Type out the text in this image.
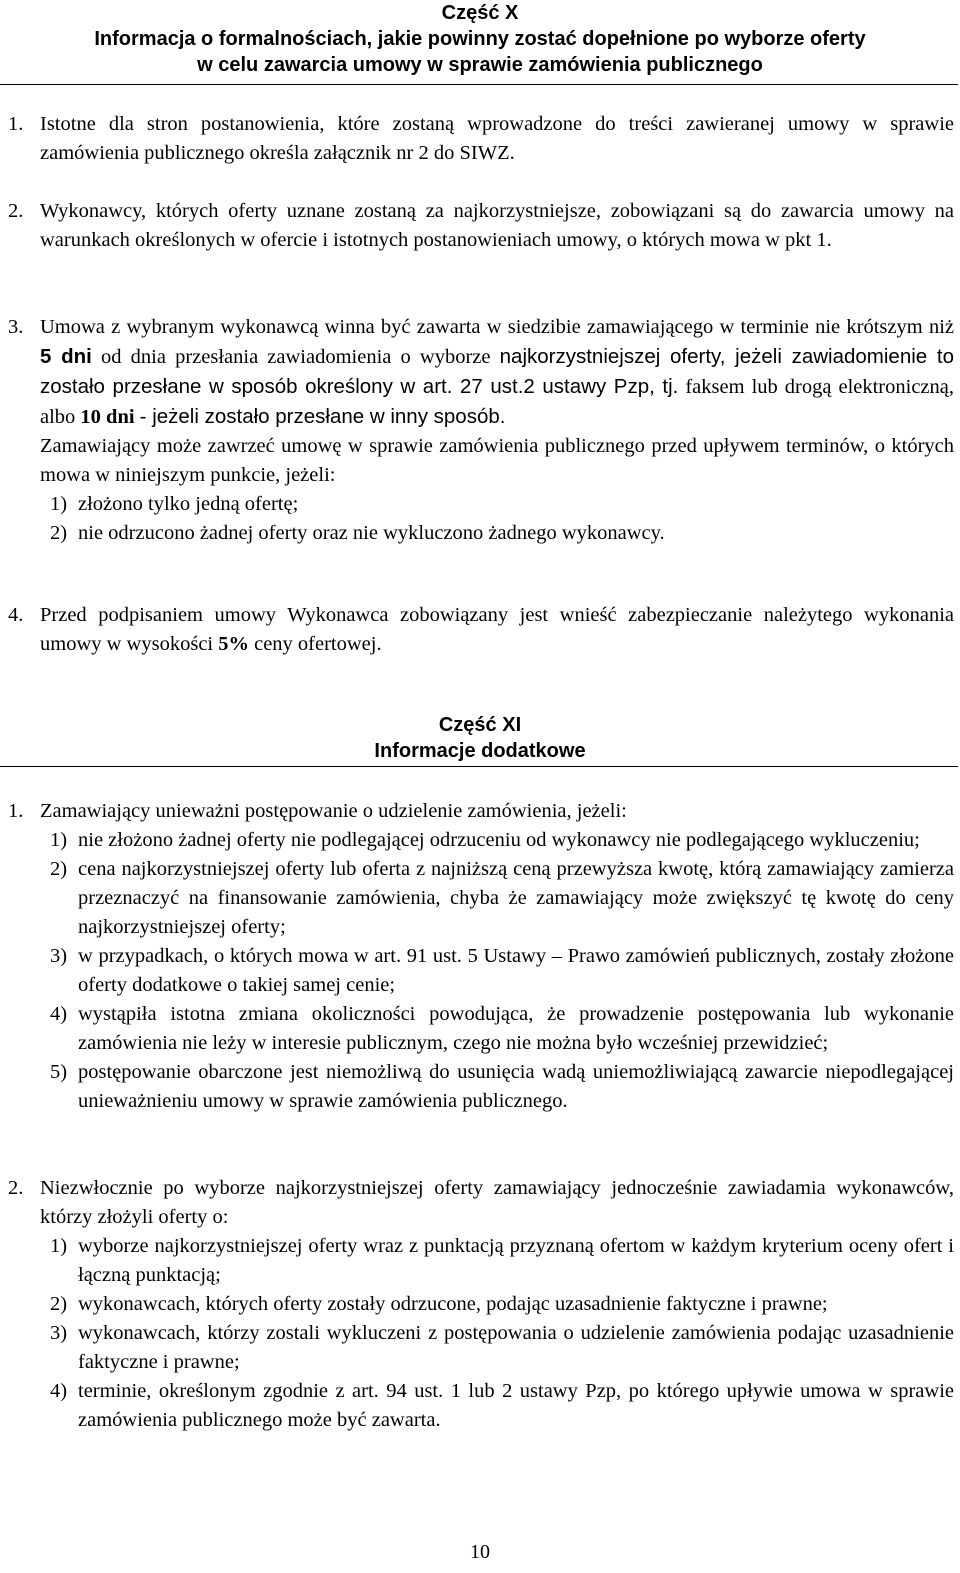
Część X
Informacja o formalnościach, jakie powinny zostać dopełnione po wyborze oferty
w celu zawarcia umowy w sprawie zamówienia publicznego
1. Istotne dla stron postanowienia, które zostaną wprowadzone do treści zawieranej umowy w sprawie zamówienia publicznego określa załącznik nr 2 do SIWZ.
2. Wykonawcy, których oferty uznane zostaną za najkorzystniejsze, zobowiązani są do zawarcia umowy na warunkach określonych w ofercie i istotnych postanowieniach umowy, o których mowa w pkt 1.
3. Umowa z wybranym wykonawcą winna być zawarta w siedzibie zamawiającego w terminie nie krótszym niż 5 dni od dnia przesłania zawiadomienia o wyborze najkorzystniejszej oferty, jeżeli zawiadomienie to zostało przesłane w sposób określony w art. 27 ust.2 ustawy Pzp, tj. faksem lub drogą elektroniczną, albo 10 dni - jeżeli zostało przesłane w inny sposób.
Zamawiający może zawrzeć umowę w sprawie zamówienia publicznego przed upływem terminów, o których mowa w niniejszym punkcie, jeżeli:
1) złożono tylko jedną ofertę;
2) nie odrzucono żadnej oferty oraz nie wykluczono żadnego wykonawcy.
4. Przed podpisaniem umowy Wykonawca zobowiązany jest wnieść zabezpieczanie należytego wykonania umowy w wysokości 5% ceny ofertowej.
Część XI
Informacje dodatkowe
1. Zamawiający unieważni postępowanie o udzielenie zamówienia, jeżeli:
1) nie złożono żadnej oferty nie podlegającej odrzuceniu od wykonawcy nie podlegającego wykluczeniu;
2) cena najkorzystniejszej oferty lub oferta z najniższą ceną przewyższa kwotę, którą zamawiający zamierza przeznaczyć na finansowanie zamówienia, chyba że zamawiający może zwiększyć tę kwotę do ceny najkorzystniejszej oferty;
3) w przypadkach, o których mowa w art. 91 ust. 5 Ustawy – Prawo zamówień publicznych, zostały złożone oferty dodatkowe o takiej samej cenie;
4) wystąpiła istotna zmiana okoliczności powodująca, że prowadzenie postępowania lub wykonanie zamówienia nie leży w interesie publicznym, czego nie można było wcześniej przewidzieć;
5) postępowanie obarczone jest niemożliwą do usunięcia wadą uniemożliwiającą zawarcie niepodlegającej unieważnieniu umowy w sprawie zamówienia publicznego.
2. Niezwłocznie po wyborze najkorzystniejszej oferty zamawiający jednocześnie zawiadamia wykonawców, którzy złożyli oferty o:
1) wyborze najkorzystniejszej oferty wraz z punktacją przyznaną ofertom w każdym kryterium oceny ofert i łączną punktacją;
2) wykonawcach, których oferty zostały odrzucone, podając uzasadnienie faktyczne i prawne;
3) wykonawcach, którzy zostali wykluczeni z postępowania o udzielenie zamówienia podając uzasadnienie faktyczne i prawne;
4) terminie, określonym zgodnie z art. 94 ust. 1 lub 2 ustawy Pzp, po którego upływie umowa w sprawie zamówienia publicznego może być zawarta.
10
